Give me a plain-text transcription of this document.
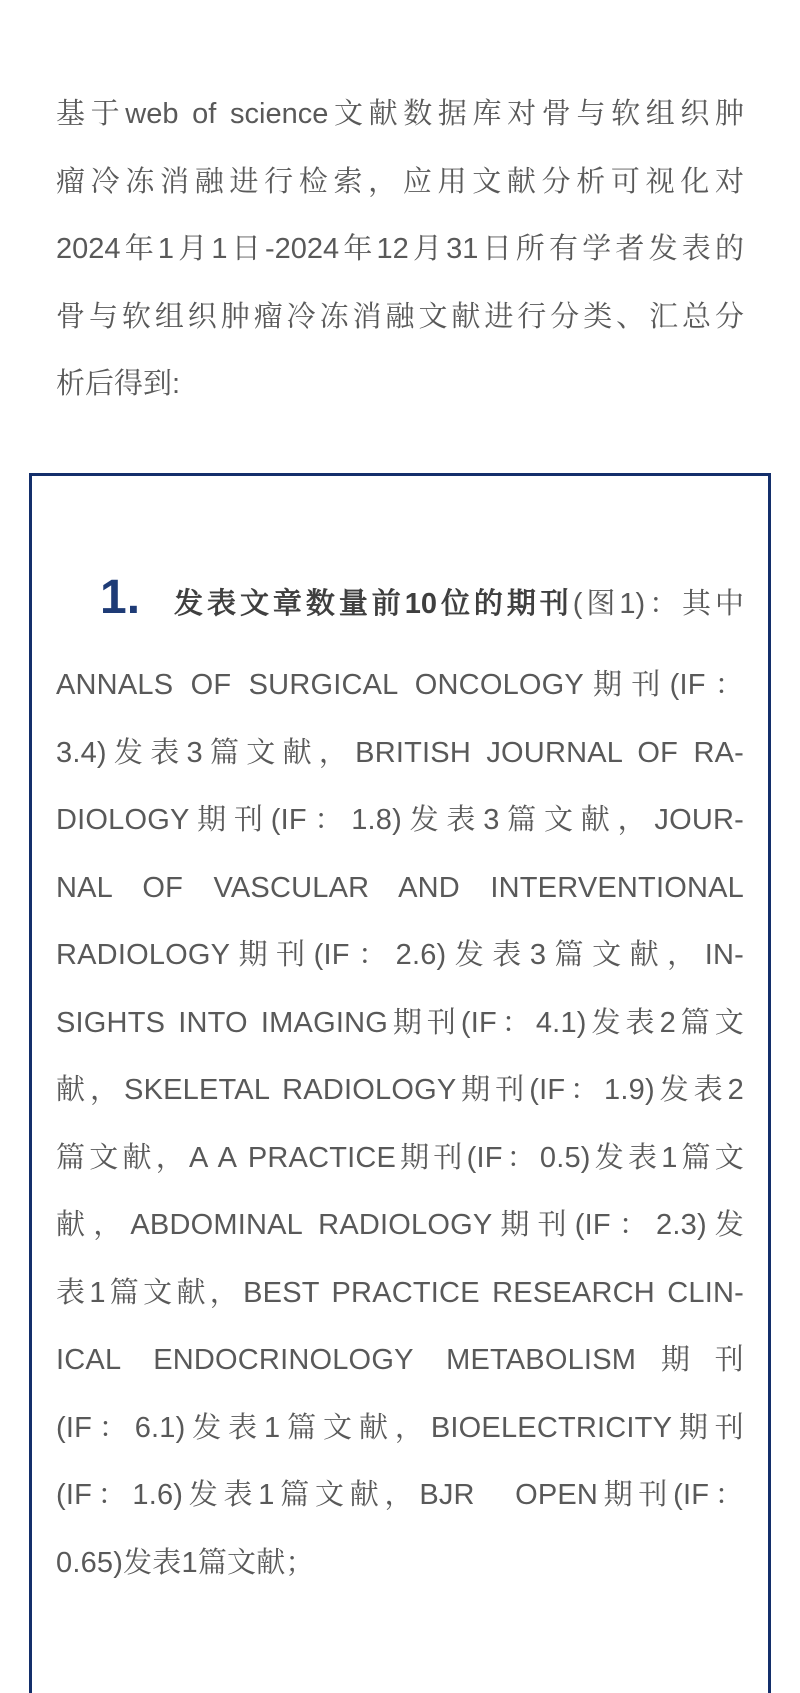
基于web of science文献数据库对骨与软组织肿
瘤冷冻消融进行检索，应用文献分析可视化对
2024年1月1日-2024年12月31日所有学者发表的
骨与软组织肿瘤冷冻消融文献进行分类、汇总分
析后得到:
1. 发表文章数量前10位的期刊(图1)：其中
ANNALS OF SURGICAL ONCOLOGY期刊(IF：
3.4)发表3篇文献，BRITISH JOURNAL OF RA-
DIOLOGY期刊(IF：1.8)发表3篇文献，JOUR-
NAL OF VASCULAR AND INTERVENTIONAL
RADIOLOGY期刊(IF：2.6)发表3篇文献，IN-
SIGHTS INTO IMAGING期刊(IF：4.1)发表2篇文
献，SKELETAL RADIOLOGY期刊(IF：1.9)发表2
篇文献，A A PRACTICE期刊(IF：0.5)发表1篇文
献，ABDOMINAL RADIOLOGY期刊(IF：2.3)发
表1篇文献，BEST PRACTICE RESEARCH CLIN-
ICAL ENDOCRINOLOGY METABOLISM期刊
(IF：6.1)发表1篇文献，BIOELECTRICITY期刊
(IF：1.6)发表1篇文献，BJR　OPEN期刊(IF：
0.65)发表1篇文献；
